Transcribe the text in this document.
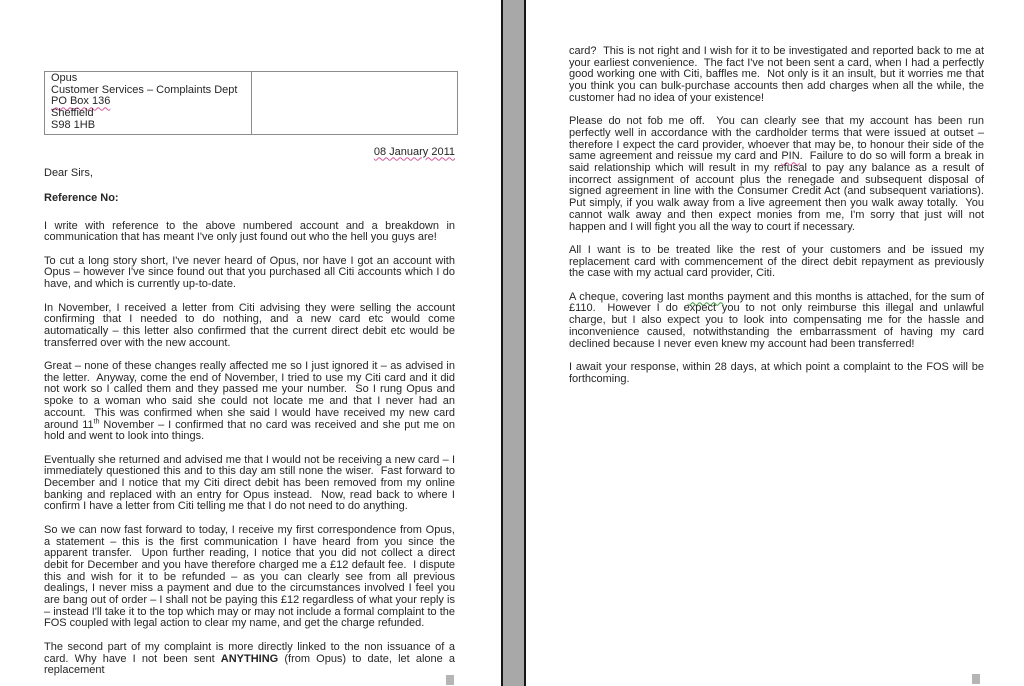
Opus
Customer Services – Complaints Dept
PO Box 136
Sheffield
S98 1HB
08 January 2011
Dear Sirs,
Reference No:
I write with reference to the above numbered account and a breakdown in communication that has meant I've only just found out who the hell you guys are!
To cut a long story short, I've never heard of Opus, nor have I got an account with Opus – however I've since found out that you purchased all Citi accounts which I do have, and which is currently up-to-date.
In November, I received a letter from Citi advising they were selling the account confirming that I needed to do nothing, and a new card etc would come automatically – this letter also confirmed that the current direct debit etc would be transferred over with the new account.
Great – none of these changes really affected me so I just ignored it – as advised in the letter.  Anyway, come the end of November, I tried to use my Citi card and it did not work so I called them and they passed me your number.  So I rung Opus and spoke to a woman who said she could not locate me and that I never had an account.  This was confirmed when she said I would have received my new card around 11th November – I confirmed that no card was received and she put me on hold and went to look into things.
Eventually she returned and advised me that I would not be receiving a new card – I immediately questioned this and to this day am still none the wiser.  Fast forward to December and I notice that my Citi direct debit has been removed from my online banking and replaced with an entry for Opus instead.  Now, read back to where I confirm I have a letter from Citi telling me that I do not need to do anything.
So we can now fast forward to today, I receive my first correspondence from Opus, a statement – this is the first communication I have heard from you since the apparent transfer.  Upon further reading, I notice that you did not collect a direct debit for December and you have therefore charged me a £12 default fee.  I dispute this and wish for it to be refunded – as you can clearly see from all previous dealings, I never miss a payment and due to the circumstances involved I feel you are bang out of order – I shall not be paying this £12 regardless of what your reply is – instead I'll take it to the top which may or may not include a formal complaint to the FOS coupled with legal action to clear my name, and get the charge refunded.
The second part of my complaint is more directly linked to the non issuance of a card. Why have I not been sent ANYTHING (from Opus) to date, let alone a replacement
card?  This is not right and I wish for it to be investigated and reported back to me at your earliest convenience.  The fact I've not been sent a card, when I had a perfectly good working one with Citi, baffles me.  Not only is it an insult, but it worries me that you think you can bulk-purchase accounts then add charges when all the while, the customer had no idea of your existence!
Please do not fob me off.  You can clearly see that my account has been run perfectly well in accordance with the cardholder terms that were issued at outset – therefore I expect the card provider, whoever that may be, to honour their side of the same agreement and reissue my card and PIN.  Failure to do so will form a break in said relationship which will result in my refusal to pay any balance as a result of incorrect assignment of account plus the renegade and subsequent disposal of signed agreement in line with the Consumer Credit Act (and subsequent variations).  Put simply, if you walk away from a live agreement then you walk away totally.  You cannot walk away and then expect monies from me, I'm sorry that just will not happen and I will fight you all the way to court if necessary.
All I want is to be treated like the rest of your customers and be issued my replacement card with commencement of the direct debit repayment as previously the case with my actual card provider, Citi.
A cheque, covering last months payment and this months is attached, for the sum of £110.  However I do expect you to not only reimburse this illegal and unlawful charge, but I also expect you to look into compensating me for the hassle and inconvenience caused, notwithstanding the embarrassment of having my card declined because I never even knew my account had been transferred!
I await your response, within 28 days, at which point a complaint to the FOS will be forthcoming.
